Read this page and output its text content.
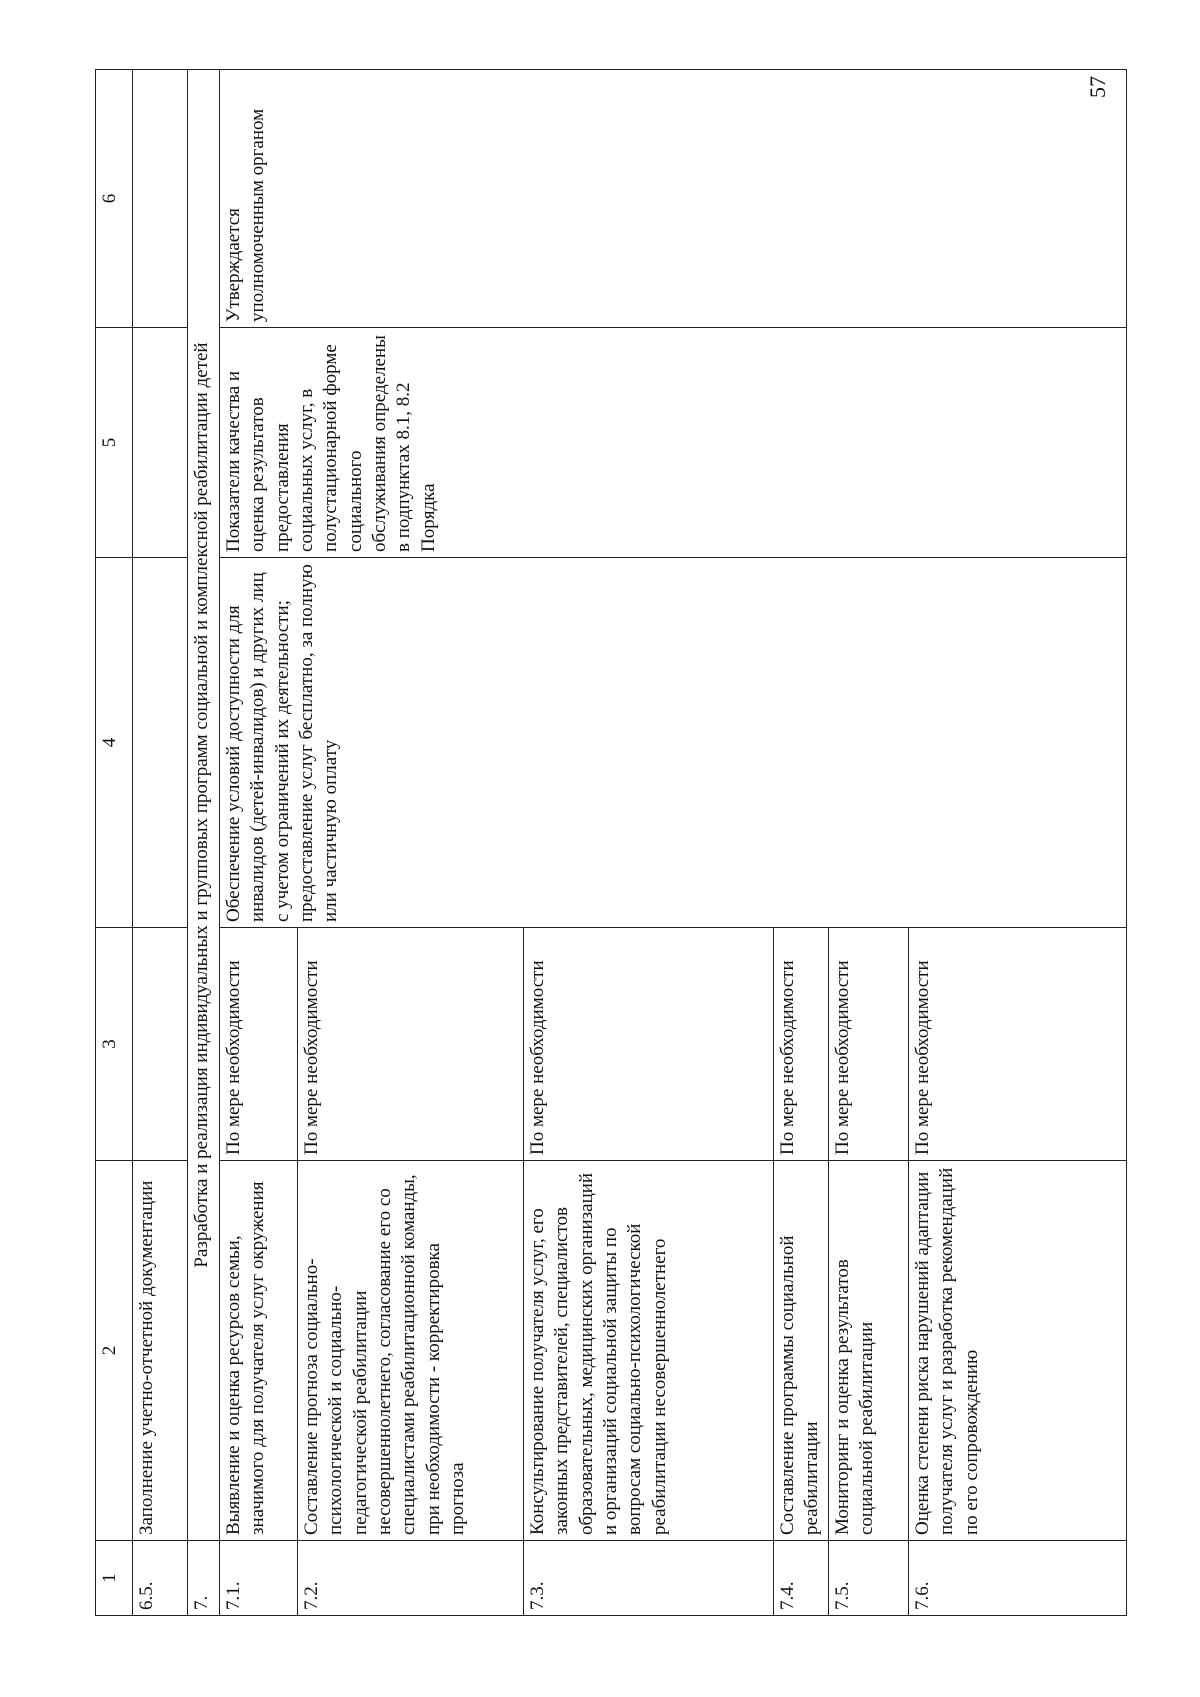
57
1	2	3	4	5	6
6.5.	Заполнение учетно-отчетной документации				
7.	Разработка и реализация индивидуальных и групповых программ социальной и комплексной реабилитации детей				
7.1.	Выявление и оценка ресурсов семьи, значимого для получателя услуг окружения	По мере необходимости	Обеспечение условий доступности для инвалидов (детей-инвалидов) и других лиц с учетом ограничений их деятельности; предоставление услуг бесплатно, за полную или частичную оплату	Показатели качества и оценка результатов предоставления социальных услуг, в полустационарной форме социального обслуживания определены в подпунктах 8.1, 8.2 Порядка	Утверждается уполномоченным органом
7.2.	Составление прогноза социально-психологической и социально-педагогической реабилитации несовершеннолетнего, согласование его со специалистами реабилитационной команды, при необходимости - корректировка прогноза	По мере необходимости			
7.3.	Консультирование получателя услуг, его законных представителей, специалистов образовательных, медицинских организаций и организаций социальной защиты по вопросам социально-психологической реабилитации несовершеннолетнего	По мере необходимости			
7.4.	Составление программы социальной реабилитации	По мере необходимости			
7.5.	Мониторинг и оценка результатов социальной реабилитации	По мере необходимости			
7.6.	Оценка степени риска нарушений адаптации получателя услуг и разработка рекомендаций по его сопровождению	По мере необходимости			
